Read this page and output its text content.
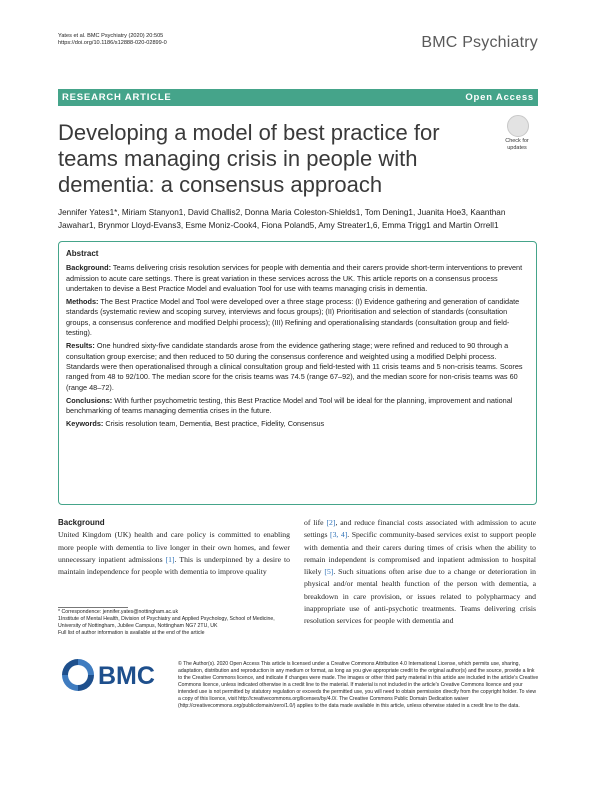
Yates et al. BMC Psychiatry (2020) 20:505
https://doi.org/10.1186/s12888-020-02899-0	BMC Psychiatry
RESEARCH ARTICLE	Open Access
Developing a model of best practice for teams managing crisis in people with dementia: a consensus approach
Check for
updates
Jennifer Yates1*, Miriam Stanyon1, David Challis2, Donna Maria Coleston-Shields1, Tom Dening1, Juanita Hoe3, Kaanthan Jawahar1, Brynmor Lloyd-Evans3, Esme Moniz-Cook4, Fiona Poland5, Amy Streater1,6, Emma Trigg1 and Martin Orrell1

Abstract

Background: Teams delivering crisis resolution services for people with dementia and their carers provide short-term interventions to prevent admission to acute care settings. There is great variation in these services across the UK. This article reports on a consensus process undertaken to devise a Best Practice Model and evaluation Tool for use with teams managing crisis in dementia.

Methods: The Best Practice Model and Tool were developed over a three stage process: (I) Evidence gathering and generation of candidate standards (systematic review and scoping survey, interviews and focus groups); (II) Prioritisation and selection of standards (consultation groups, a consensus conference and modified Delphi process); (III) Refining and operationalising standards (consultation group and field-testing).

Results: One hundred sixty-five candidate standards arose from the evidence gathering stage; were refined and reduced to 90 through a consultation group exercise; and then reduced to 50 during the consensus conference and weighted using a modified Delphi process. Standards were then operationalised through a clinical consultation group and field-tested with 11 crisis teams and 5 non-crisis teams. Scores ranged from 48 to 92/100. The median score for the crisis teams was 74.5 (range 67–92), and the median score for non-crisis teams was 60 (range 48–72).

Conclusions: With further psychometric testing, this Best Practice Model and Tool will be ideal for the planning, improvement and national benchmarking of teams managing dementia crises in the future.

Keywords: Crisis resolution team, Dementia, Best practice, Fidelity, Consensus

Background
United Kingdom (UK) health and care policy is committed to enabling more people with dementia to live longer in their own homes, and fewer unnecessary inpatient admissions [1]. This is underpinned by a desire to maintain independence for people with dementia to improve quality
of life [2], and reduce financial costs associated with admission to acute settings [3, 4]. Specific community-based services exist to support people with dementia and their carers during times of crisis when the ability to remain independent is compromised and inpatient admission to hospital likely [5]. Such situations often arise due to a change or deterioration in physical and/or mental health function of the person with dementia, a breakdown in care provision, or issues related to polypharmacy and inappropriate use of anti-psychotic treatments. Teams delivering crisis resolution services for people with dementia and
* Correspondence: jennifer.yates@nottingham.ac.uk
1Institute of Mental Health, Division of Psychiatry and Applied Psychology, School of Medicine, University of Nottingham, Jubilee Campus, Nottingham NG7 2TU, UK
Full list of author information is available at the end of the article
BMC	© The Author(s). 2020 Open Access This article is licensed under a Creative Commons Attribution 4.0 International License, which permits use, sharing, adaptation, distribution and reproduction in any medium or format, as long as you give appropriate credit to the original author(s) and the source, provide a link to the Creative Commons licence, and indicate if changes were made. The images or other third party material in this article are included in the article's Creative Commons licence, unless indicated otherwise in a credit line to the material. If material is not included in the article's Creative Commons licence and your intended use is not permitted by statutory regulation or exceeds the permitted use, you will need to obtain permission directly from the copyright holder. To view a copy of this licence, visit http://creativecommons.org/licenses/by/4.0/. The Creative Commons Public Domain Dedication waiver (http://creativecommons.org/publicdomain/zero/1.0/) applies to the data made available in this article, unless otherwise stated in a credit line to the data.
